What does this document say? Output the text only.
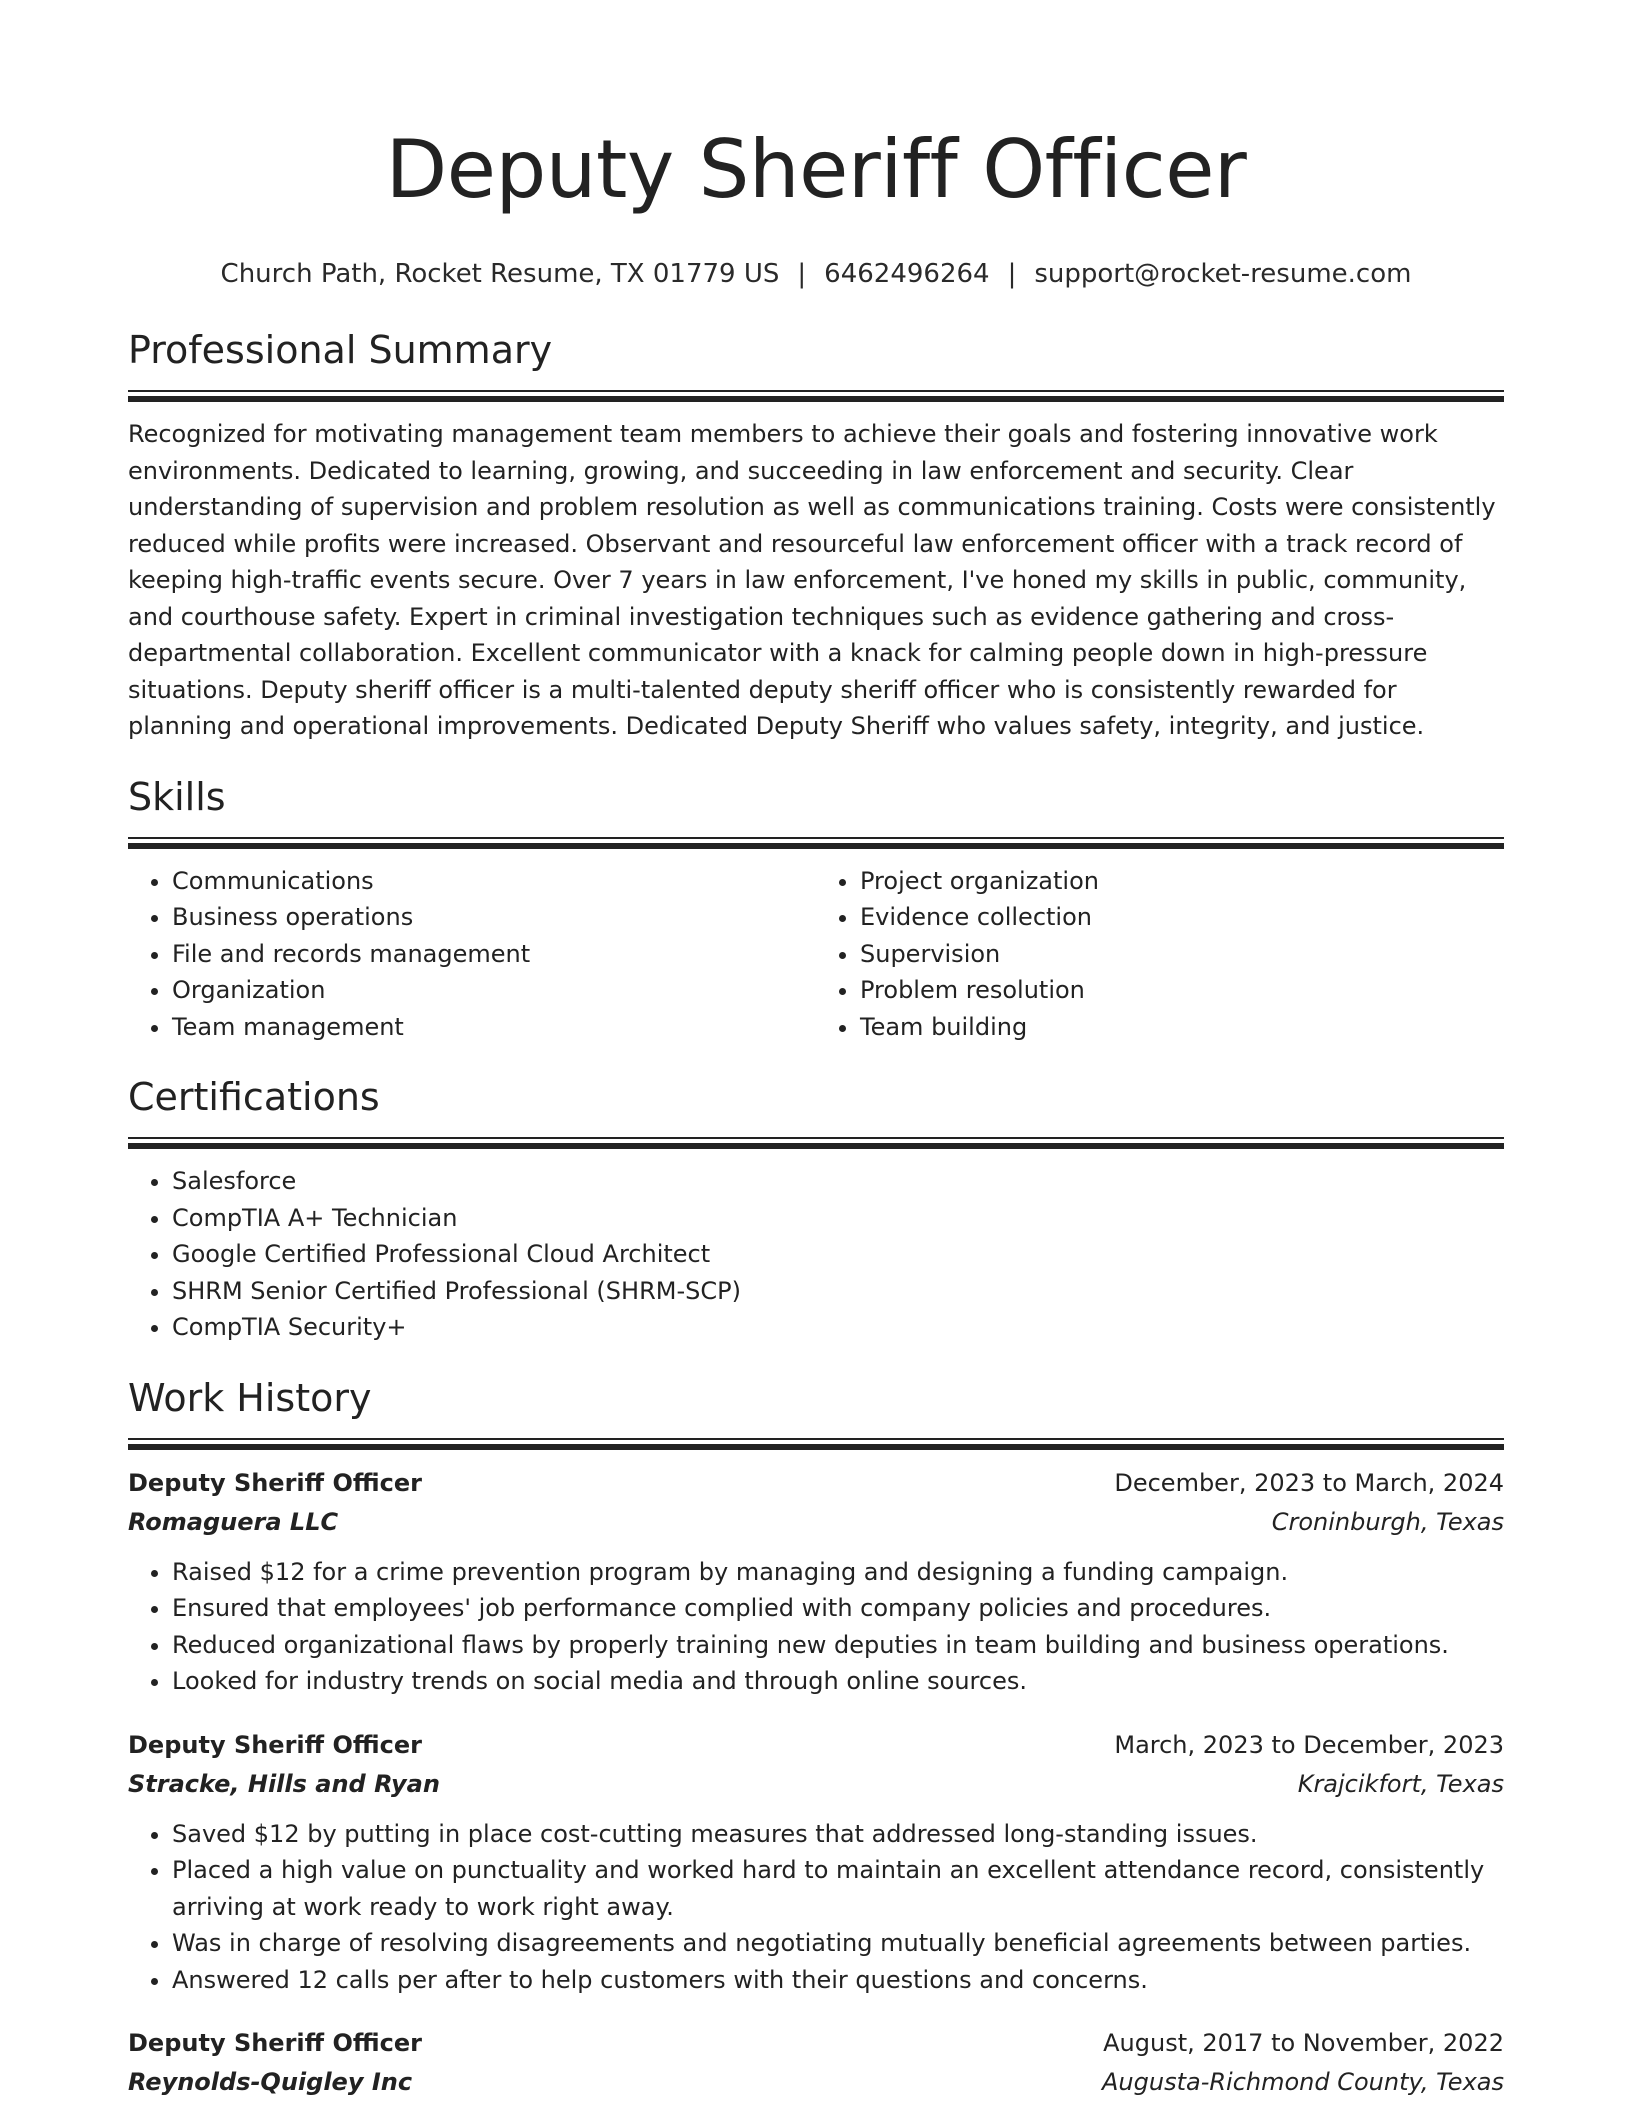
Deputy Sheriff Officer
Church Path, Rocket Resume, TX 01779 US | 6462496264 | support@rocket-resume.com
Professional Summary

Recognized for motivating management team members to achieve their goals and fostering innovative work environments. Dedicated to learning, growing, and succeeding in law enforcement and security. Clear understanding of supervision and problem resolution as well as communications training. Costs were consistently reduced while profits were increased. Observant and resourceful law enforcement officer with a track record of keeping high-traffic events secure. Over 7 years in law enforcement, I've honed my skills in public, community, and courthouse safety. Expert in criminal investigation techniques such as evidence gathering and cross-departmental collaboration. Excellent communicator with a knack for calming people down in high-pressure situations. Deputy sheriff officer is a multi-talented deputy sheriff officer who is consistently rewarded for planning and operational improvements. Dedicated Deputy Sheriff who values safety, integrity, and justice.

Skills
• Communications
• Business operations
• File and records management
• Organization
• Team management
• Project organization
• Evidence collection
• Supervision
• Problem resolution
• Team building
Certifications
• Salesforce
• CompTIA A+ Technician
• Google Certified Professional Cloud Architect
• SHRM Senior Certified Professional (SHRM-SCP)
• CompTIA Security+
Work History
Deputy Sheriff Officer	December, 2023 to March, 2024
Romaguera LLC	Croninburgh, Texas
• Raised $12 for a crime prevention program by managing and designing a funding campaign.
• Ensured that employees' job performance complied with company policies and procedures.
• Reduced organizational flaws by properly training new deputies in team building and business operations.
• Looked for industry trends on social media and through online sources.
Deputy Sheriff Officer	March, 2023 to December, 2023
Stracke, Hills and Ryan	Krajcikfort, Texas
• Saved $12 by putting in place cost-cutting measures that addressed long-standing issues.
• Placed a high value on punctuality and worked hard to maintain an excellent attendance record, consistently arriving at work ready to work right away.
• Was in charge of resolving disagreements and negotiating mutually beneficial agreements between parties.
• Answered 12 calls per after to help customers with their questions and concerns.
Deputy Sheriff Officer	August, 2017 to November, 2022
Reynolds-Quigley Inc	Augusta-Richmond County, Texas
